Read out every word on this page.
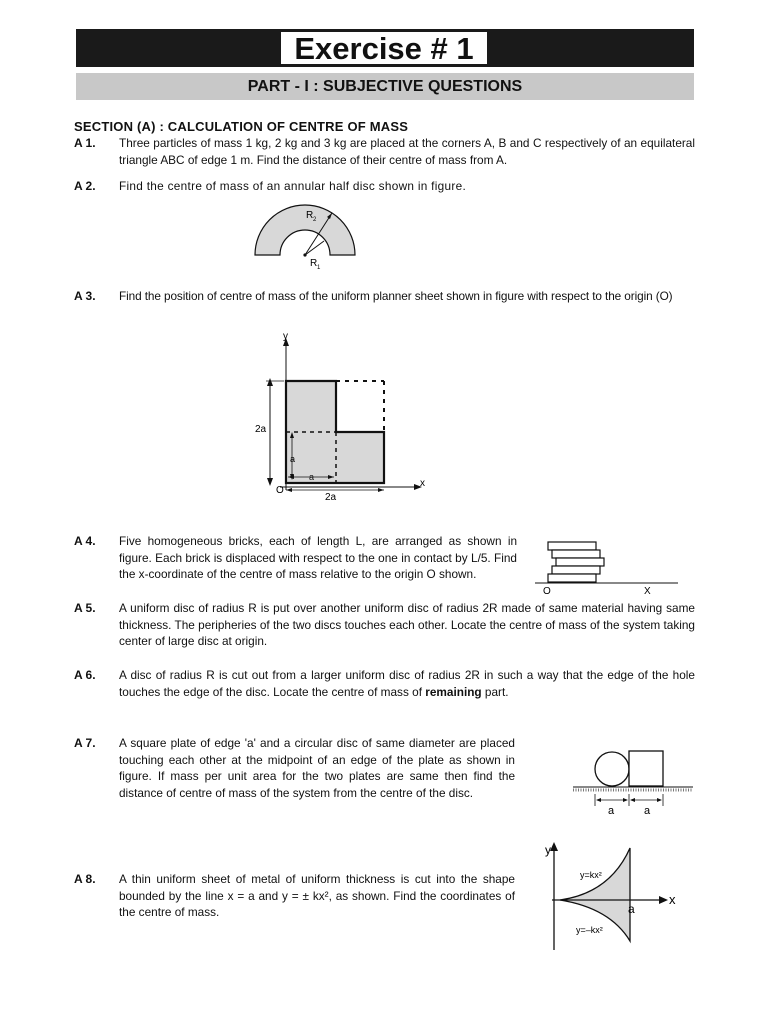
Exercise # 1
PART - I : SUBJECTIVE QUESTIONS
SECTION (A) : CALCULATION OF CENTRE OF MASS
A 1. Three particles of mass 1 kg, 2 kg and 3 kg are placed at the corners A, B and C respectively of an equilateral triangle ABC of edge 1 m. Find the distance of their centre of mass from A.
A 2. Find the centre of mass of an annular half disc shown in figure.
R 2
R 1
A 3. Find the position of centre of mass of the uniform planner sheet shown in figure with respect to the origin (O)
y
x
O
2a
a
a
2a
A 4. Five homogeneous bricks, each of length L, are arranged as shown in figure. Each brick is displaced with respect to the one in contact by L/5. Find the x-coordinate of the centre of mass relative to the origin O shown.
O	X
A 5. A uniform disc of radius R is put over another uniform disc of radius 2R made of same material having same thickness. The peripheries of the two discs touches each other. Locate the centre of mass of the system taking center of large disc at origin.
A 6. A disc of radius R is cut out from a larger uniform disc of radius 2R in such a way that the edge of the hole touches the edge of the disc. Locate the centre of mass of remaining part.
A 7. A square plate of edge 'a' and a circular disc of same diameter are placed touching each other at the midpoint of an edge of the plate as shown in figure. If mass per unit area for the two plates are same then find the distance of centre of mass of the system from the centre of the disc.
a	a
A 8. A thin uniform sheet of metal of uniform thickness is cut into the shape bounded by the line x = a and y = ± kx², as shown. Find the coordinates of the centre of mass.
y
x
y=kx²
y=–kx²
a
